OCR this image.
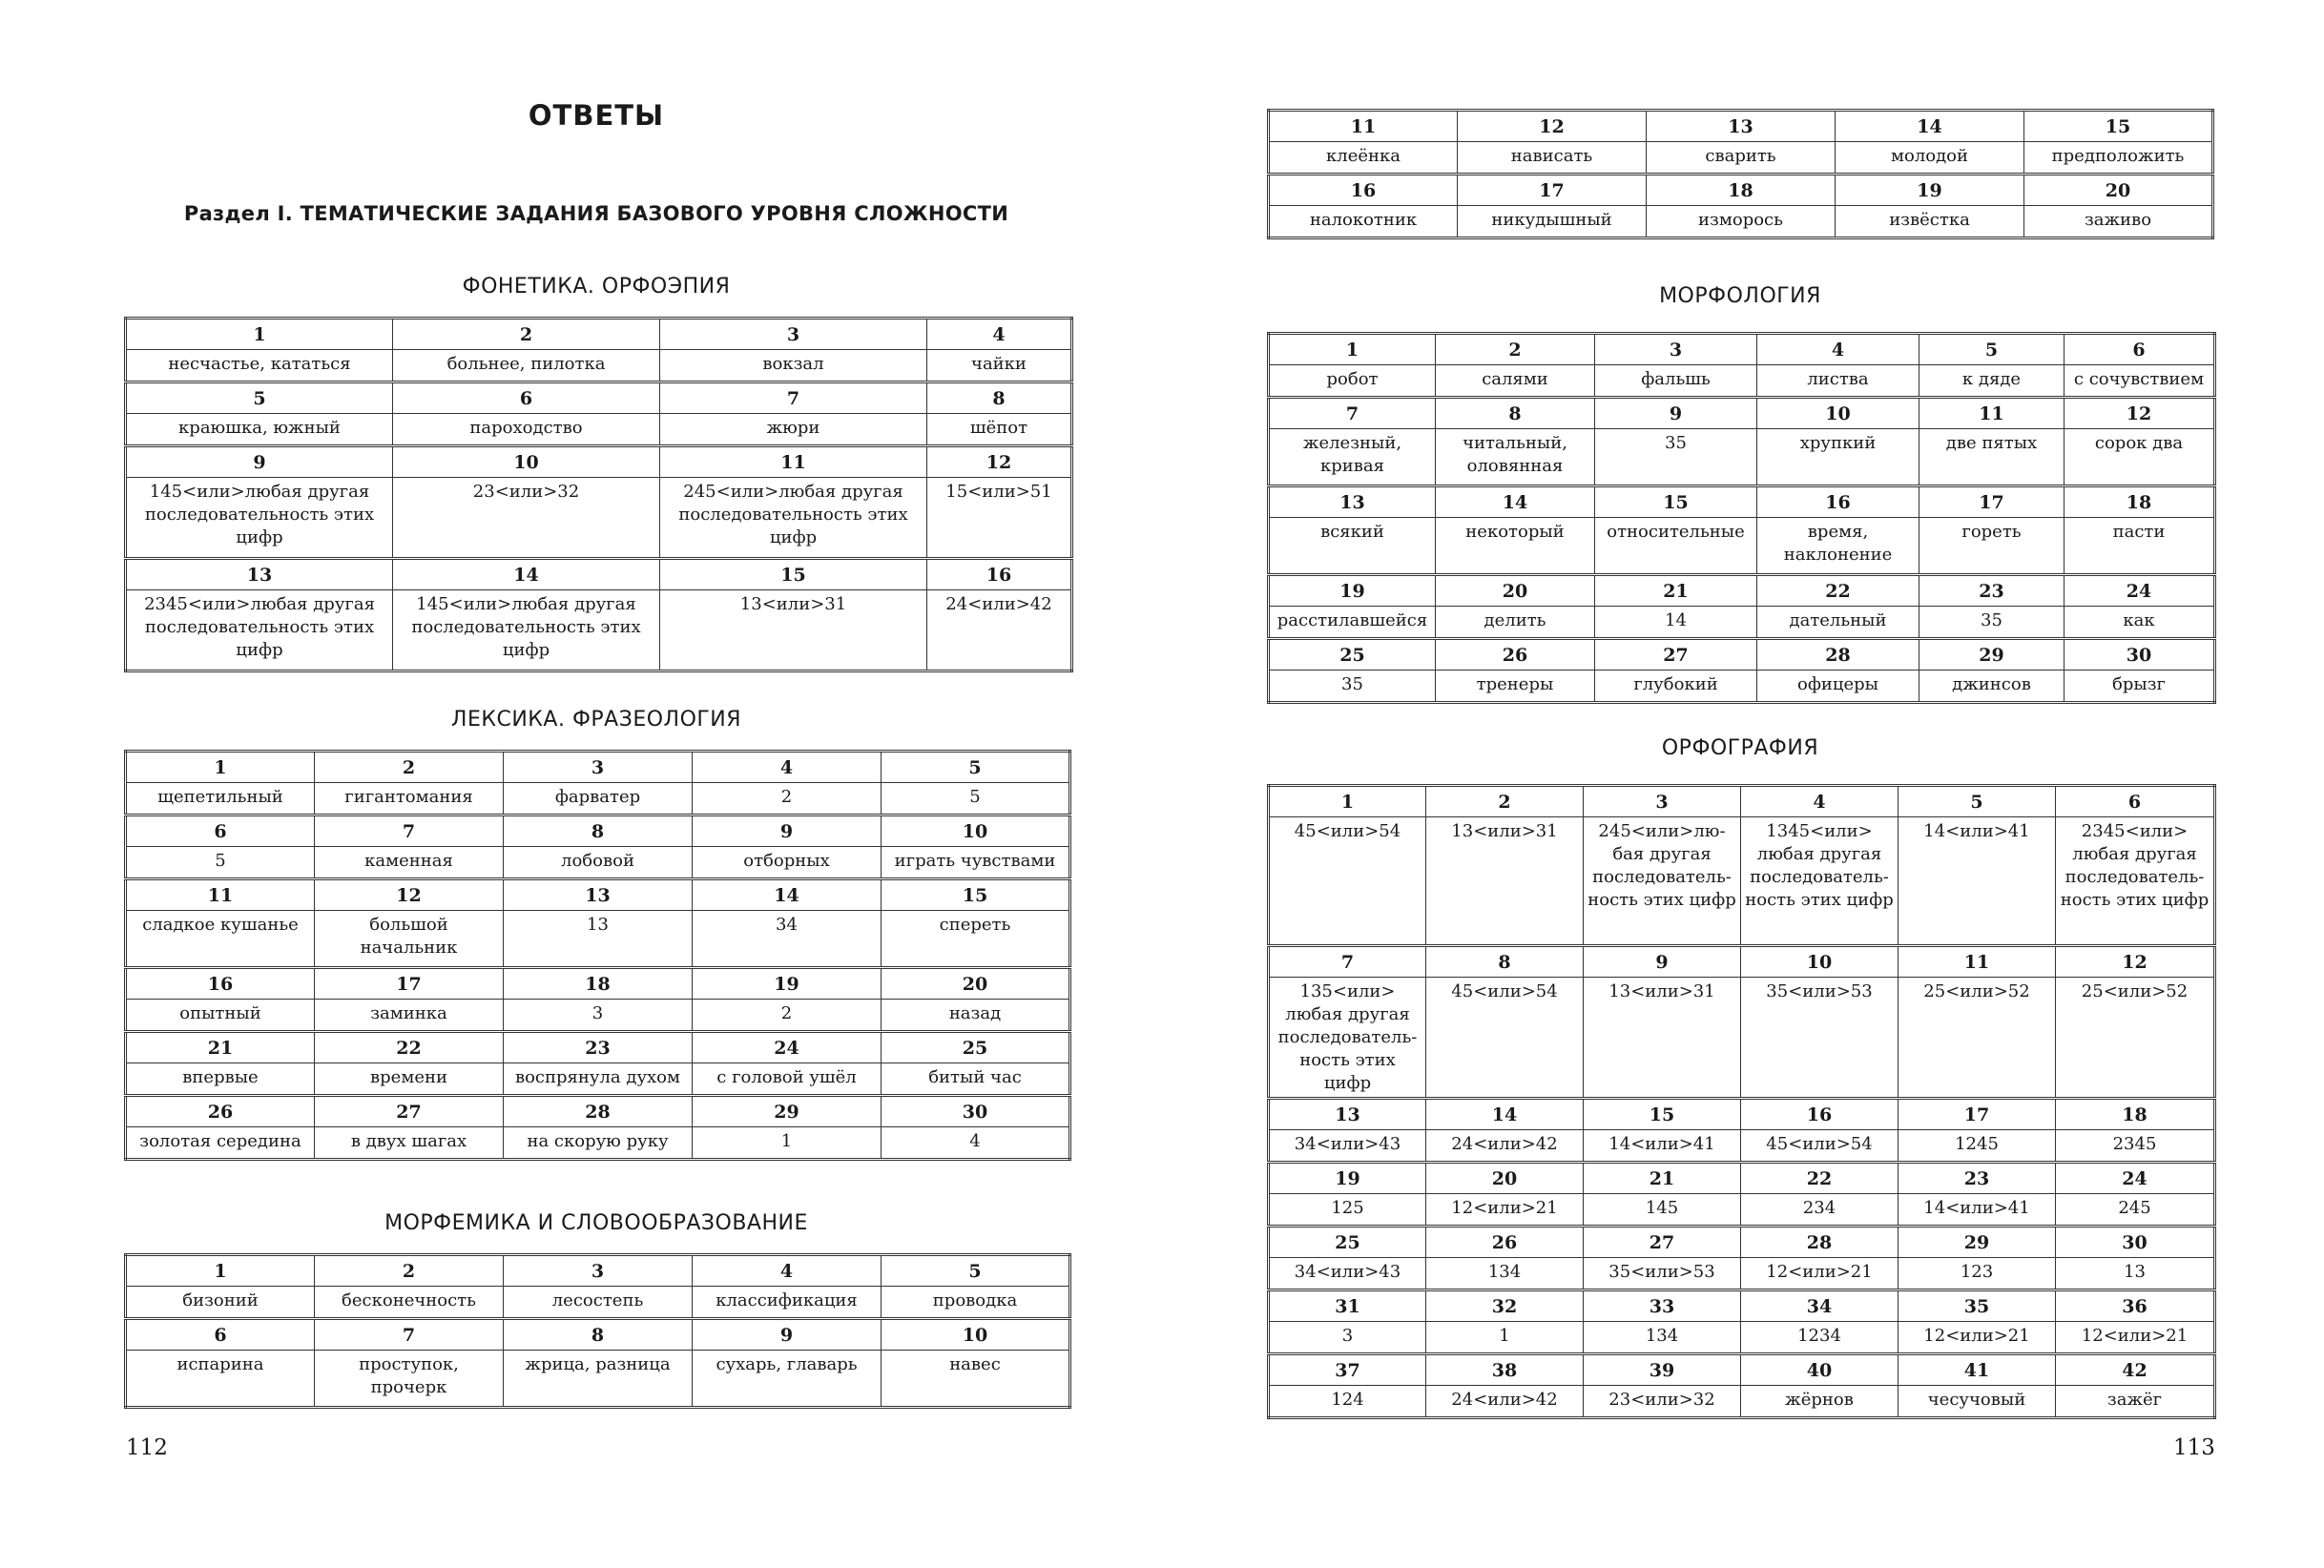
ОТВЕТЫ
Раздел I. ТЕМАТИЧЕСКИЕ ЗАДАНИЯ БАЗОВОГО УРОВНЯ СЛОЖНОСТИ
ФОНЕТИКА. ОРФОЭПИЯ
1	2	3	4
несчастье, кататься	больнее, пилотка	вокзал	чайки
5	6	7	8
краюшка, южный	пароходство	жюри	шёпот
9	10	11	12
145<или>любая другая последовательность этих цифр	23<или>32	245<или>любая другая последовательность этих цифр	15<или>51
13	14	15	16
2345<или>любая другая последовательность этих цифр	145<или>любая другая последовательность этих цифр	13<или>31	24<или>42
ЛЕКСИКА. ФРАЗЕОЛОГИЯ
1	2	3	4	5
щепетильный	гигантомания	фарватер	2	5
6	7	8	9	10
5	каменная	лобовой	отборных	играть чувствами
11	12	13	14	15
сладкое кушанье	большой начальник	13	34	спереть
16	17	18	19	20
опытный	заминка	3	2	назад
21	22	23	24	25
впервые	времени	воспрянула духом	с головой ушёл	битый час
26	27	28	29	30
золотая середина	в двух шагах	на скорую руку	1	4
МОРФЕМИКА И СЛОВООБРАЗОВАНИЕ
1	2	3	4	5
бизоний	бесконечность	лесостепь	классификация	проводка
6	7	8	9	10
испарина	проступок, прочерк	жрица, разница	сухарь, главарь	навес
112
11	12	13	14	15
клеёнка	нависать	сварить	молодой	предположить
16	17	18	19	20
налокотник	никудышный	изморось	извёстка	заживо
МОРФОЛОГИЯ
1	2	3	4	5	6
робот	салями	фальшь	листва	к дяде	с сочувствием
7	8	9	10	11	12
железный, кривая	читальный, оловянная	35	хрупкий	две пятых	сорок два
13	14	15	16	17	18
всякий	некоторый	относительные	время, наклонение	гореть	пасти
19	20	21	22	23	24
расстилавшейся	делить	14	дательный	35	как
25	26	27	28	29	30
35	тренеры	глубокий	офицеры	джинсов	брызг
ОРФОГРАФИЯ
1	2	3	4	5	6
45<или>54	13<или>31	245<или>лю-бая другая последователь-ность этих цифр	1345<или> любая другая последователь-ность этих цифр	14<или>41	2345<или> любая другая последователь-ность этих цифр
7	8	9	10	11	12
135<или> любая другая последователь-ность этих цифр	45<или>54	13<или>31	35<или>53	25<или>52	25<или>52
13	14	15	16	17	18
34<или>43	24<или>42	14<или>41	45<или>54	1245	2345
19	20	21	22	23	24
125	12<или>21	145	234	14<или>41	245
25	26	27	28	29	30
34<или>43	134	35<или>53	12<или>21	123	13
31	32	33	34	35	36
3	1	134	1234	12<или>21	12<или>21
37	38	39	40	41	42
124	24<или>42	23<или>32	жёрнов	чесучовый	зажёг
113
